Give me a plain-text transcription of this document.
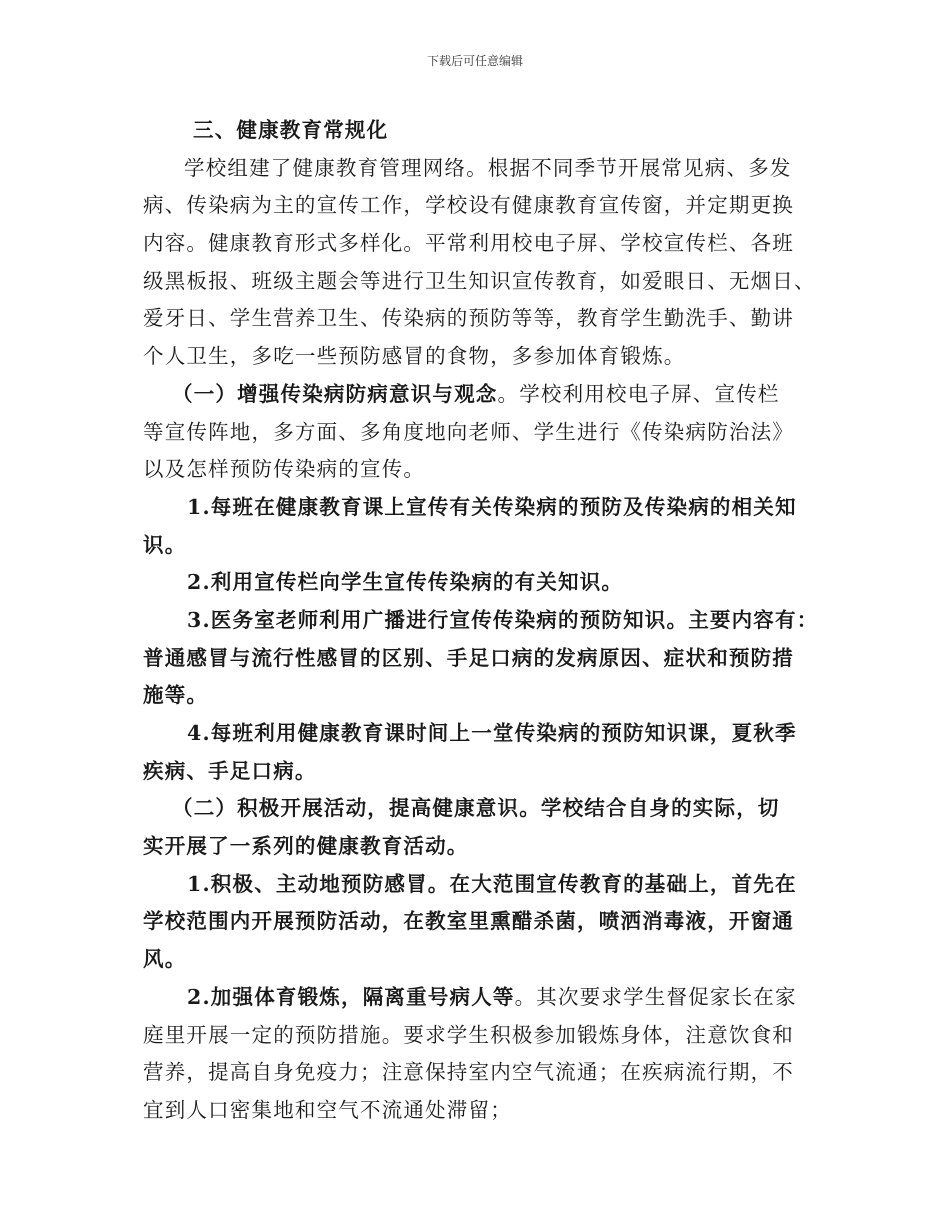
下载后可任意编辑
三、健康教育常规化
学校组建了健康教育管理网络。根据不同季节开展常见病、多发
病、传染病为主的宣传工作，学校设有健康教育宣传窗，并定期更换
内容。健康教育形式多样化。平常利用校电子屏、学校宣传栏、各班
级黑板报、班级主题会等进行卫生知识宣传教育，如爱眼日、无烟日、
爱牙日、学生营养卫生、传染病的预防等等，教育学生勤洗手、勤讲
个人卫生，多吃一些预防感冒的食物，多参加体育锻炼。
（一）增强传染病防病意识与观念。学校利用校电子屏、宣传栏
等宣传阵地，多方面、多角度地向老师、学生进行《传染病防治法》
以及怎样预防传染病的宣传。
1.每班在健康教育课上宣传有关传染病的预防及传染病的相关知
识。
2.利用宣传栏向学生宣传传染病的有关知识。
3.医务室老师利用广播进行宣传传染病的预防知识。主要内容有：
普通感冒与流行性感冒的区别、手足口病的发病原因、症状和预防措
施等。
4.每班利用健康教育课时间上一堂传染病的预防知识课，夏秋季
疾病、手足口病。
（二）积极开展活动，提高健康意识。学校结合自身的实际，切
实开展了一系列的健康教育活动。
1.积极、主动地预防感冒。在大范围宣传教育的基础上，首先在
学校范围内开展预防活动，在教室里熏醋杀菌，喷洒消毒液，开窗通
风。
2.加强体育锻炼，隔离重号病人等。其次要求学生督促家长在家
庭里开展一定的预防措施。要求学生积极参加锻炼身体，注意饮食和
营养，提高自身免疫力；注意保持室内空气流通；在疾病流行期，不
宜到人口密集地和空气不流通处滞留；
